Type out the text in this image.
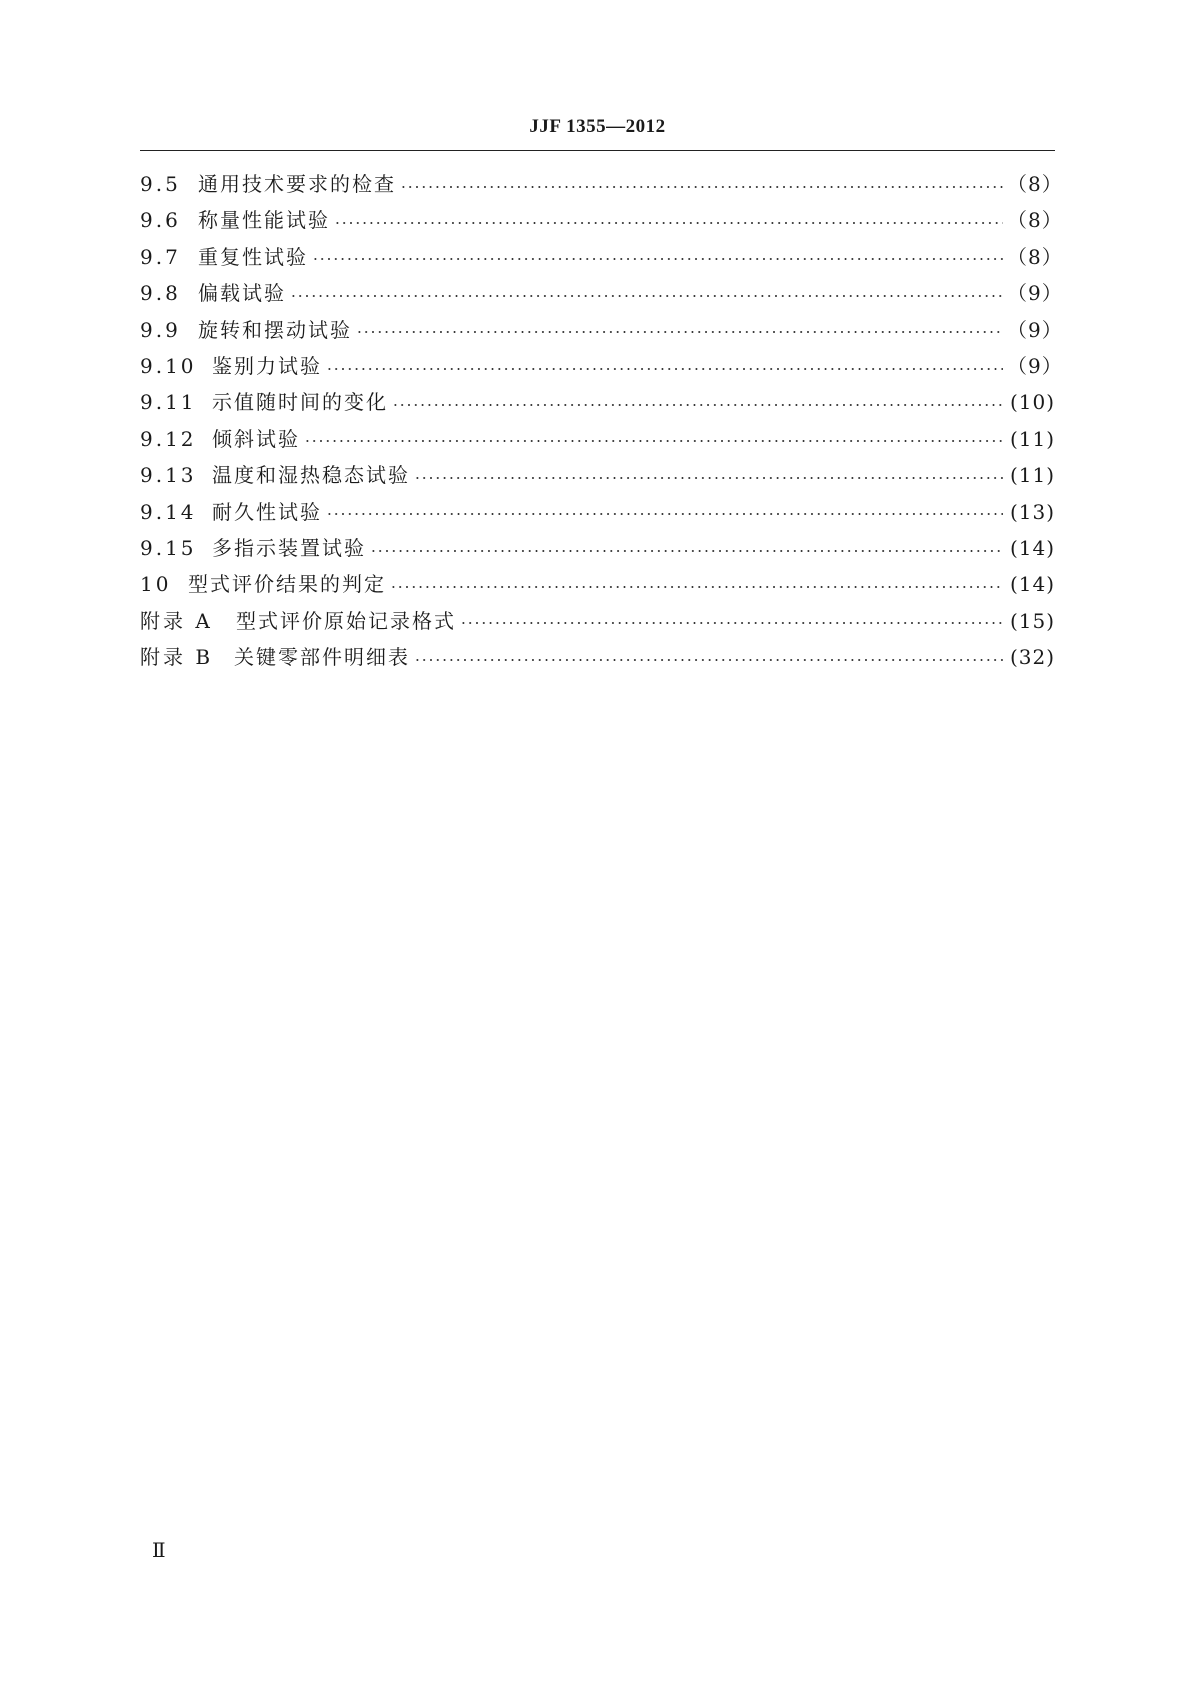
JJF 1355—2012
9.5 通用技术要求的检查	（8）
9.6 称量性能试验	（8）
9.7 重复性试验	（8）
9.8 偏载试验	（9）
9.9 旋转和摆动试验	（9）
9.10 鉴别力试验	（9）
9.11 示值随时间的变化	(10)
9.12 倾斜试验	(11)
9.13 温度和湿热稳态试验	(11)
9.14 耐久性试验	(13)
9.15 多指示装置试验	(14)
10 型式评价结果的判定	(14)
附录 A	型式评价原始记录格式	(15)
附录 B	关键零部件明细表	(32)
Ⅱ
